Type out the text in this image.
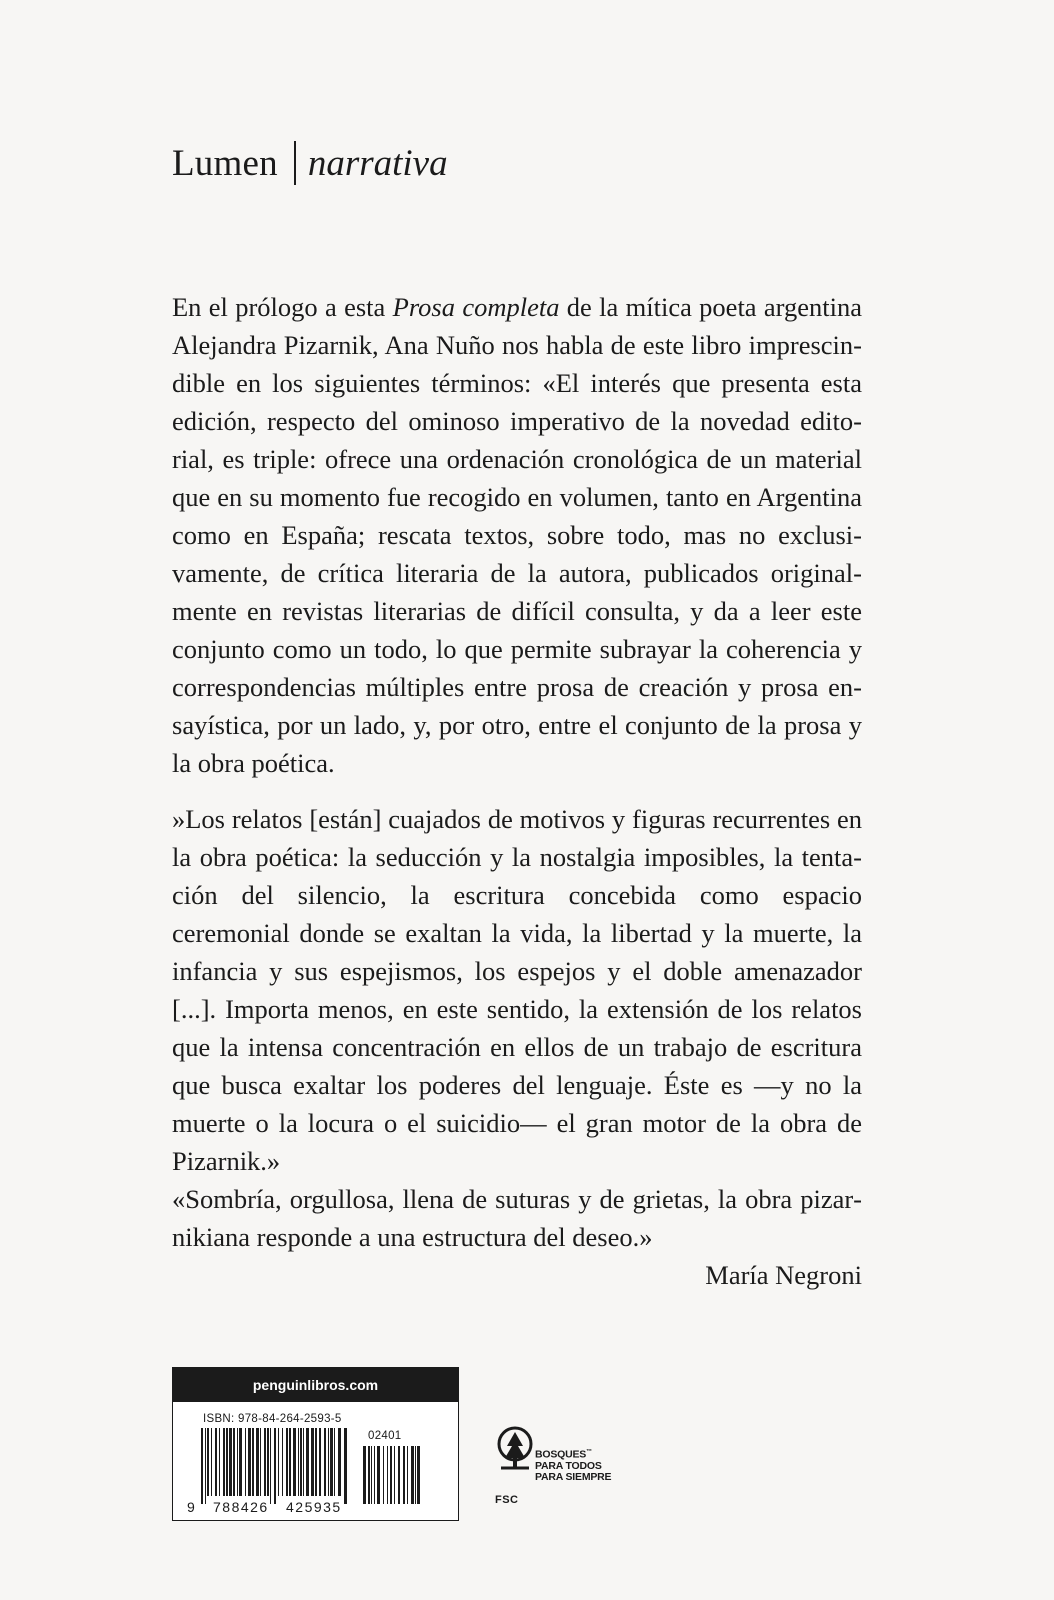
Lumen narrativa

En el prólogo a esta Prosa completa de la mítica poeta argentina Alejandra Pizarnik, Ana Nuño nos habla de este libro imprescindible en los siguientes términos: «El interés que presenta esta edición, respecto del ominoso imperativo de la novedad editorial, es triple: ofrece una ordenación cronológica de un material que en su momento fue recogido en volumen, tanto en Argentina como en España; rescata textos, sobre todo, mas no exclusivamente, de crítica literaria de la autora, publicados originalmente en revistas literarias de difícil consulta, y da a leer este conjunto como un todo, lo que permite subrayar la coherencia y correspondencias múltiples entre prosa de creación y prosa ensayística, por un lado, y, por otro, entre el conjunto de la prosa y la obra poética.

»Los relatos [están] cuajados de motivos y figuras recurrentes en la obra poética: la seducción y la nostalgia imposibles, la tentación del silencio, la escritura concebida como espacio ceremonial donde se exaltan la vida, la libertad y la muerte, la infancia y sus espejismos, los espejos y el doble amenazador [...]. Importa menos, en este sentido, la extensión de los relatos que la intensa concentración en ellos de un trabajo de escritura que busca exaltar los poderes del lenguaje. Éste es —y no la muerte o la locura o el suicidio— el gran motor de la obra de Pizarnik.»

«Sombría, orgullosa, llena de suturas y de grietas, la obra pizarnikiana responde a una estructura del deseo.»

María Negroni

penguinlibros.com
ISBN: 978-84-264-2593-5
02401
9 788426 425935	FSC
BOSQUES™
PARA TODOS
PARA SIEMPRE
